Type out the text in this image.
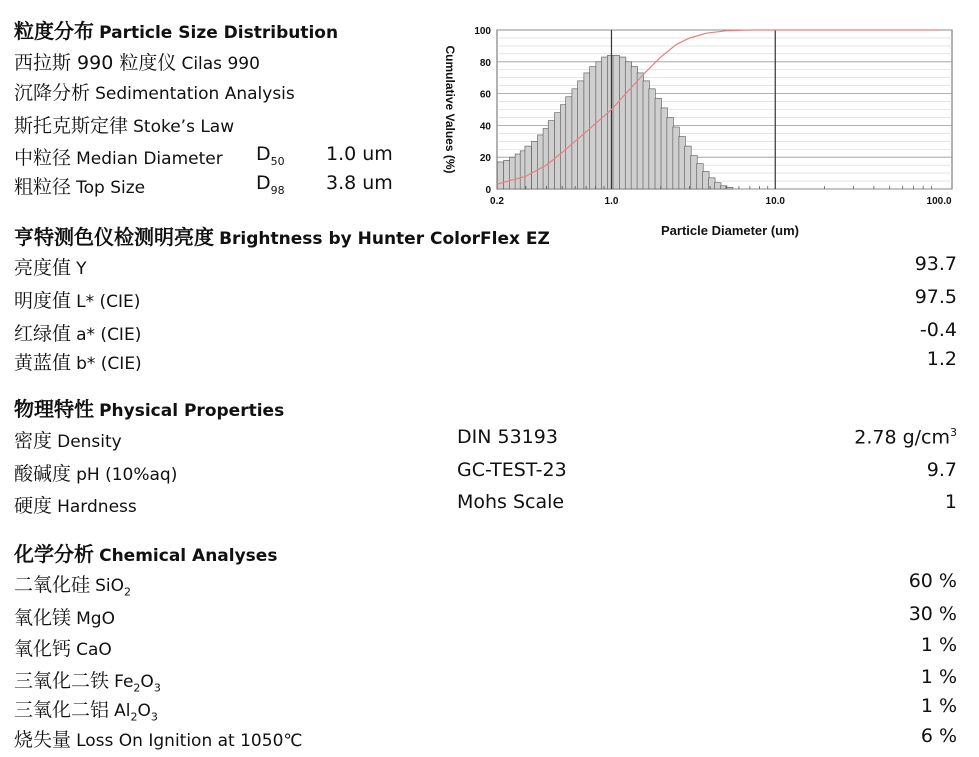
粒度分布 Particle Size Distribution
西拉斯 990 粒度仪 Cilas 990
沉降分析 Sedimentation Analysis
斯托克斯定律 Stoke’s Law
中粒径 Median Diameter $D_{50}$ 1.0 um
粗粒径 Top Size	$D_{98}$ 3.8 um	0
20
40
60
80
100
0.2	1.0	10.0	100.0
Cumulative Values (%)
Particle Diameter (um)
亨特测色仪检测明亮度 Brightness by Hunter ColorFlex EZ
亮度值 Y	93.7
明度值 L* (CIE)	97.5
红绿值 a* (CIE)	-0.4
黄蓝值 b* (CIE)	1.2
物理特性 Physical Properties
密度 Density	DIN 53193	2.78 $g/cm^3$
酸碱度 pH (10%aq)	GC-TEST-23	9.7
硬度 Hardness	Mohs Scale	1
化学分析 Chemical Analyses
二氧化硅 SiO$_2$	60 %
氧化镁 MgO	30 %
氧化钙 CaO	1 %
三氧化二铁 $Fe_2O_3$	1 %
三氧化二铝 $Al_2O_3$	1 %
烧失量 Loss On Ignition at 1050℃	6 %
